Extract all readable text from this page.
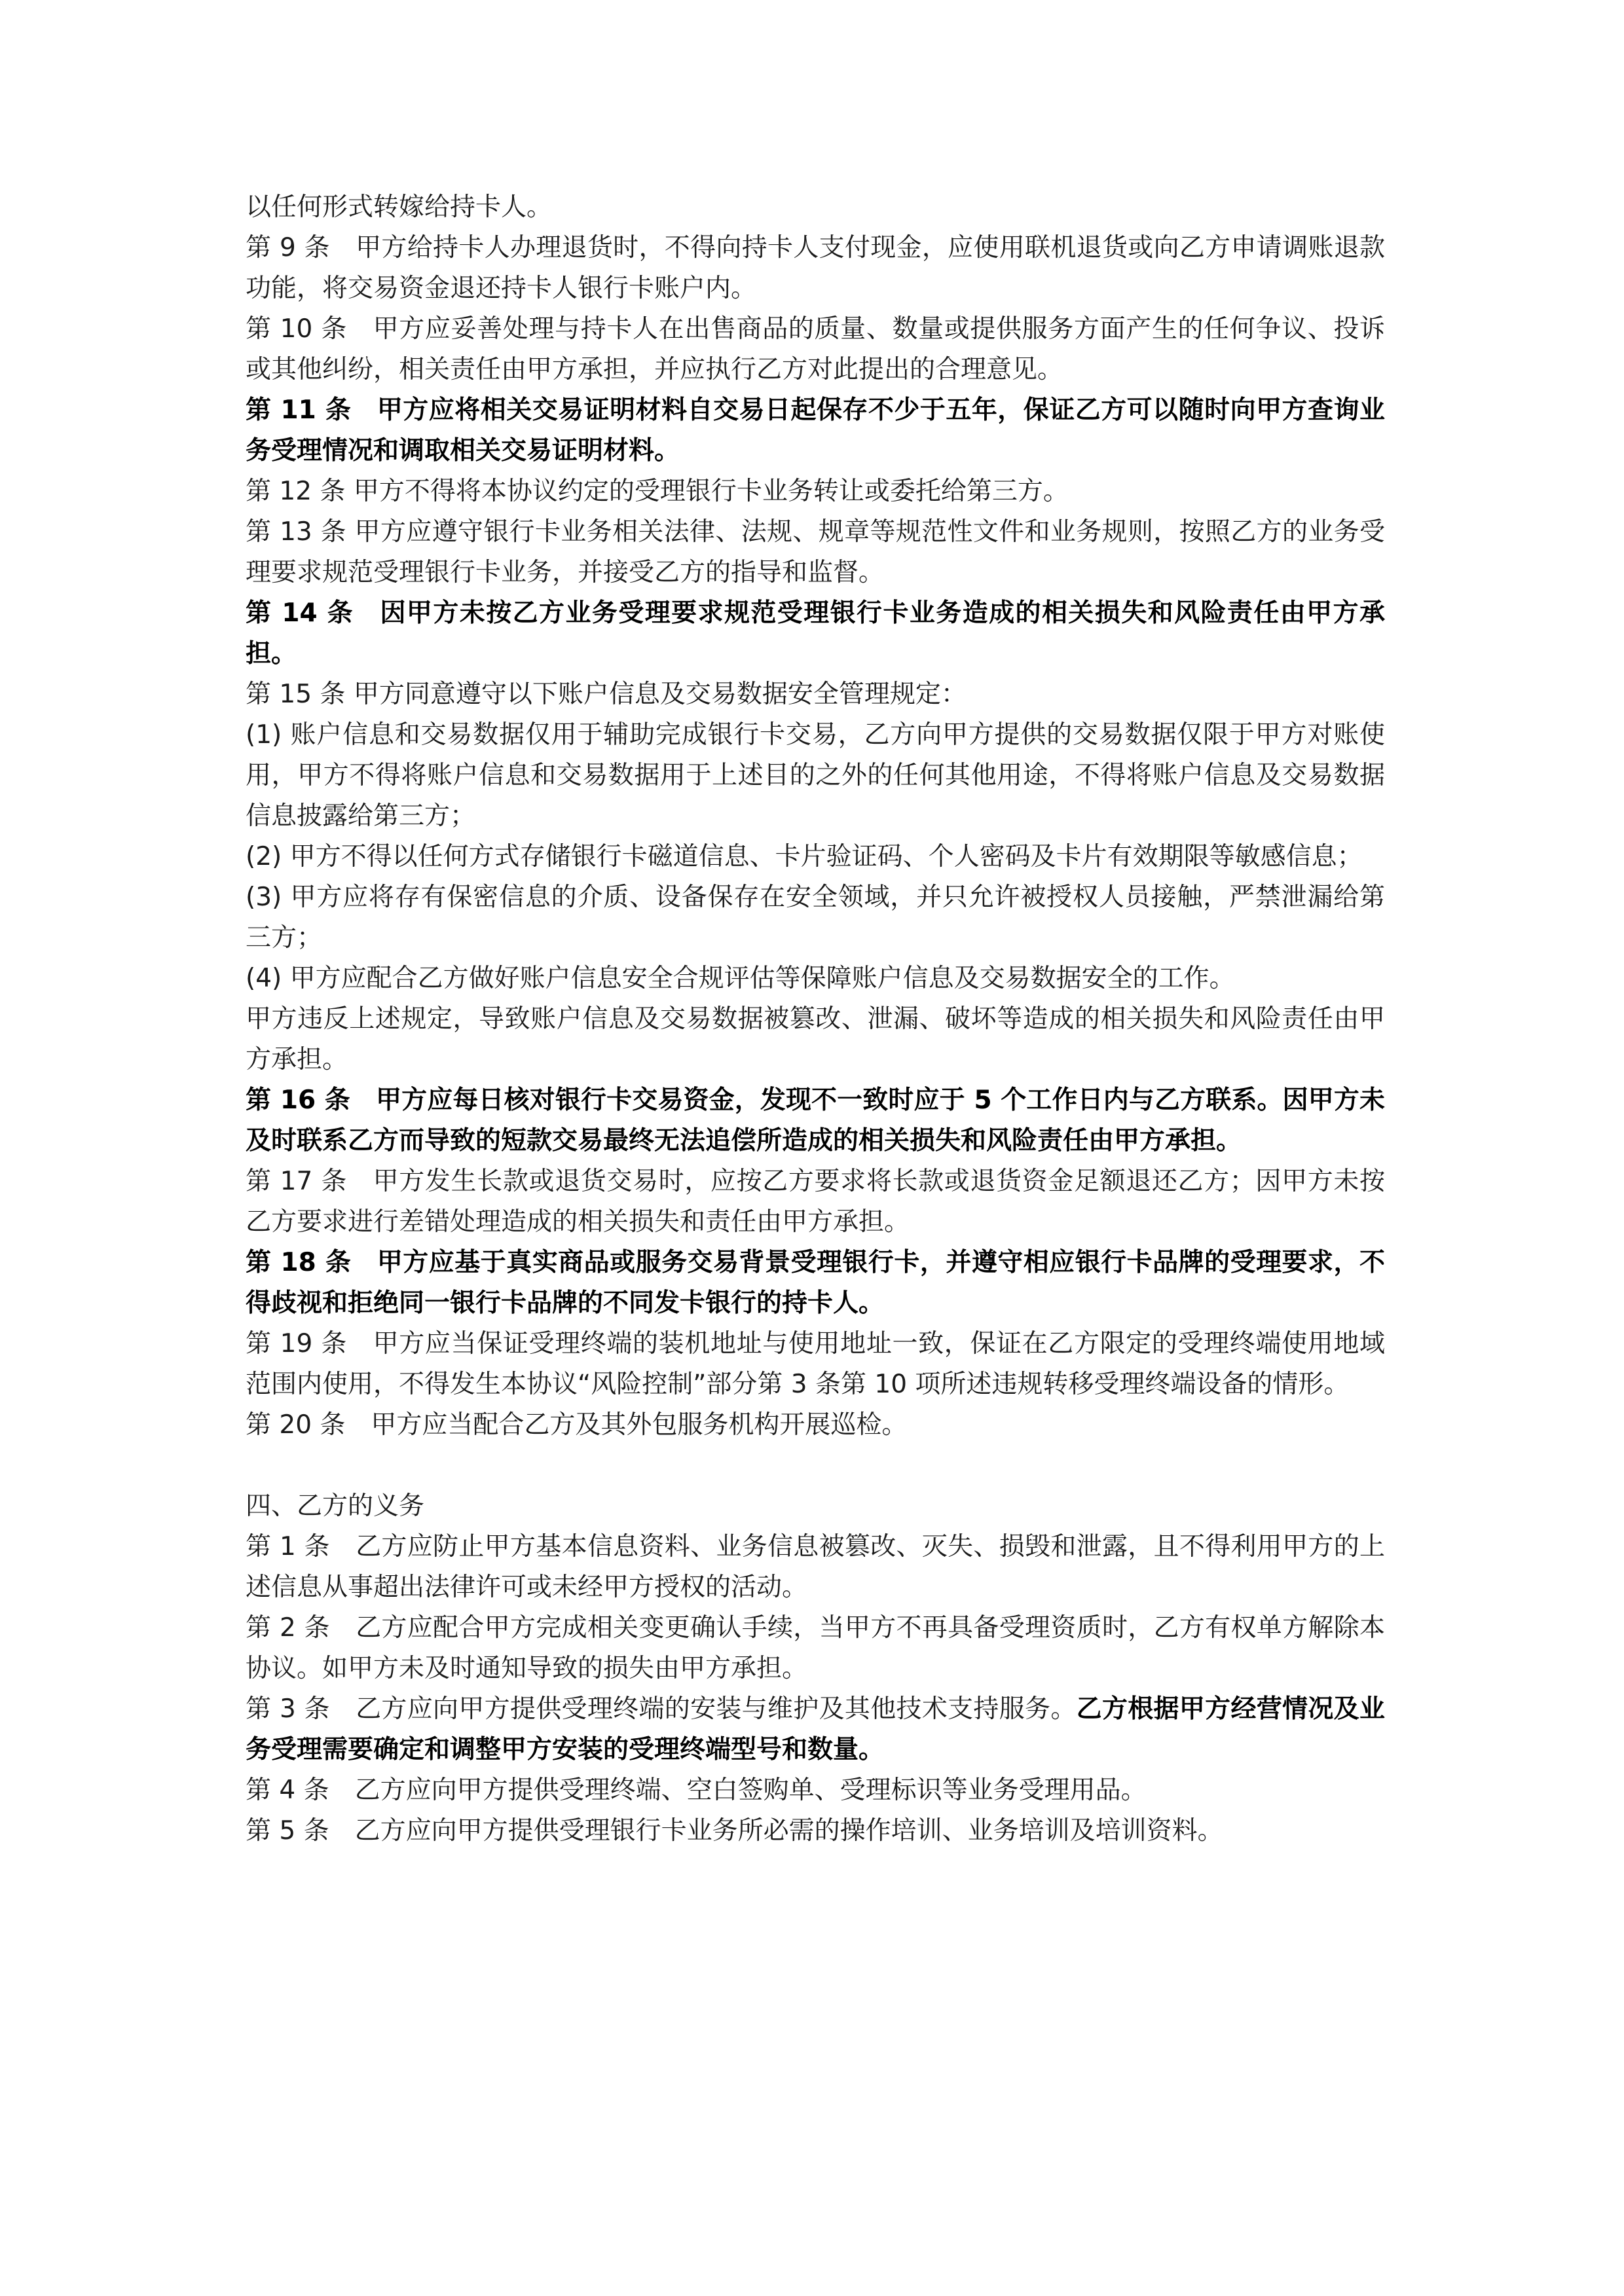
以任何形式转嫁给持卡人。

第 9 条　甲方给持卡人办理退货时，不得向持卡人支付现金，应使用联机退货或向乙方申请调账退款功能，将交易资金退还持卡人银行卡账户内。

第 10 条　甲方应妥善处理与持卡人在出售商品的质量、数量或提供服务方面产生的任何争议、投诉或其他纠纷，相关责任由甲方承担，并应执行乙方对此提出的合理意见。

第 11 条　甲方应将相关交易证明材料自交易日起保存不少于五年，保证乙方可以随时向甲方查询业务受理情况和调取相关交易证明材料。

第 12 条 甲方不得将本协议约定的受理银行卡业务转让或委托给第三方。

第 13 条 甲方应遵守银行卡业务相关法律、法规、规章等规范性文件和业务规则，按照乙方的业务受理要求规范受理银行卡业务，并接受乙方的指导和监督。

第 14 条　因甲方未按乙方业务受理要求规范受理银行卡业务造成的相关损失和风险责任由甲方承担。

第 15 条 甲方同意遵守以下账户信息及交易数据安全管理规定：

(1) 账户信息和交易数据仅用于辅助完成银行卡交易，乙方向甲方提供的交易数据仅限于甲方对账使用，甲方不得将账户信息和交易数据用于上述目的之外的任何其他用途，不得将账户信息及交易数据信息披露给第三方；

(2) 甲方不得以任何方式存储银行卡磁道信息、卡片验证码、个人密码及卡片有效期限等敏感信息；

(3) 甲方应将存有保密信息的介质、设备保存在安全领域，并只允许被授权人员接触，严禁泄漏给第三方；

(4) 甲方应配合乙方做好账户信息安全合规评估等保障账户信息及交易数据安全的工作。

甲方违反上述规定，导致账户信息及交易数据被篡改、泄漏、破坏等造成的相关损失和风险责任由甲方承担。

第 16 条　甲方应每日核对银行卡交易资金，发现不一致时应于 5 个工作日内与乙方联系。因甲方未及时联系乙方而导致的短款交易最终无法追偿所造成的相关损失和风险责任由甲方承担。

第 17 条　甲方发生长款或退货交易时，应按乙方要求将长款或退货资金足额退还乙方；因甲方未按乙方要求进行差错处理造成的相关损失和责任由甲方承担。

第 18 条　甲方应基于真实商品或服务交易背景受理银行卡，并遵守相应银行卡品牌的受理要求，不得歧视和拒绝同一银行卡品牌的不同发卡银行的持卡人。

第 19 条　甲方应当保证受理终端的装机地址与使用地址一致，保证在乙方限定的受理终端使用地域范围内使用，不得发生本协议“风险控制”部分第 3 条第 10 项所述违规转移受理终端设备的情形。

第 20 条　甲方应当配合乙方及其外包服务机构开展巡检。

四、乙方的义务

第 1 条　乙方应防止甲方基本信息资料、业务信息被篡改、灭失、损毁和泄露，且不得利用甲方的上述信息从事超出法律许可或未经甲方授权的活动。

第 2 条　乙方应配合甲方完成相关变更确认手续，当甲方不再具备受理资质时，乙方有权单方解除本协议。如甲方未及时通知导致的损失由甲方承担。

第 3 条　乙方应向甲方提供受理终端的安装与维护及其他技术支持服务。乙方根据甲方经营情况及业务受理需要确定和调整甲方安装的受理终端型号和数量。

第 4 条　乙方应向甲方提供受理终端、空白签购单、受理标识等业务受理用品。

第 5 条　乙方应向甲方提供受理银行卡业务所必需的操作培训、业务培训及培训资料。
